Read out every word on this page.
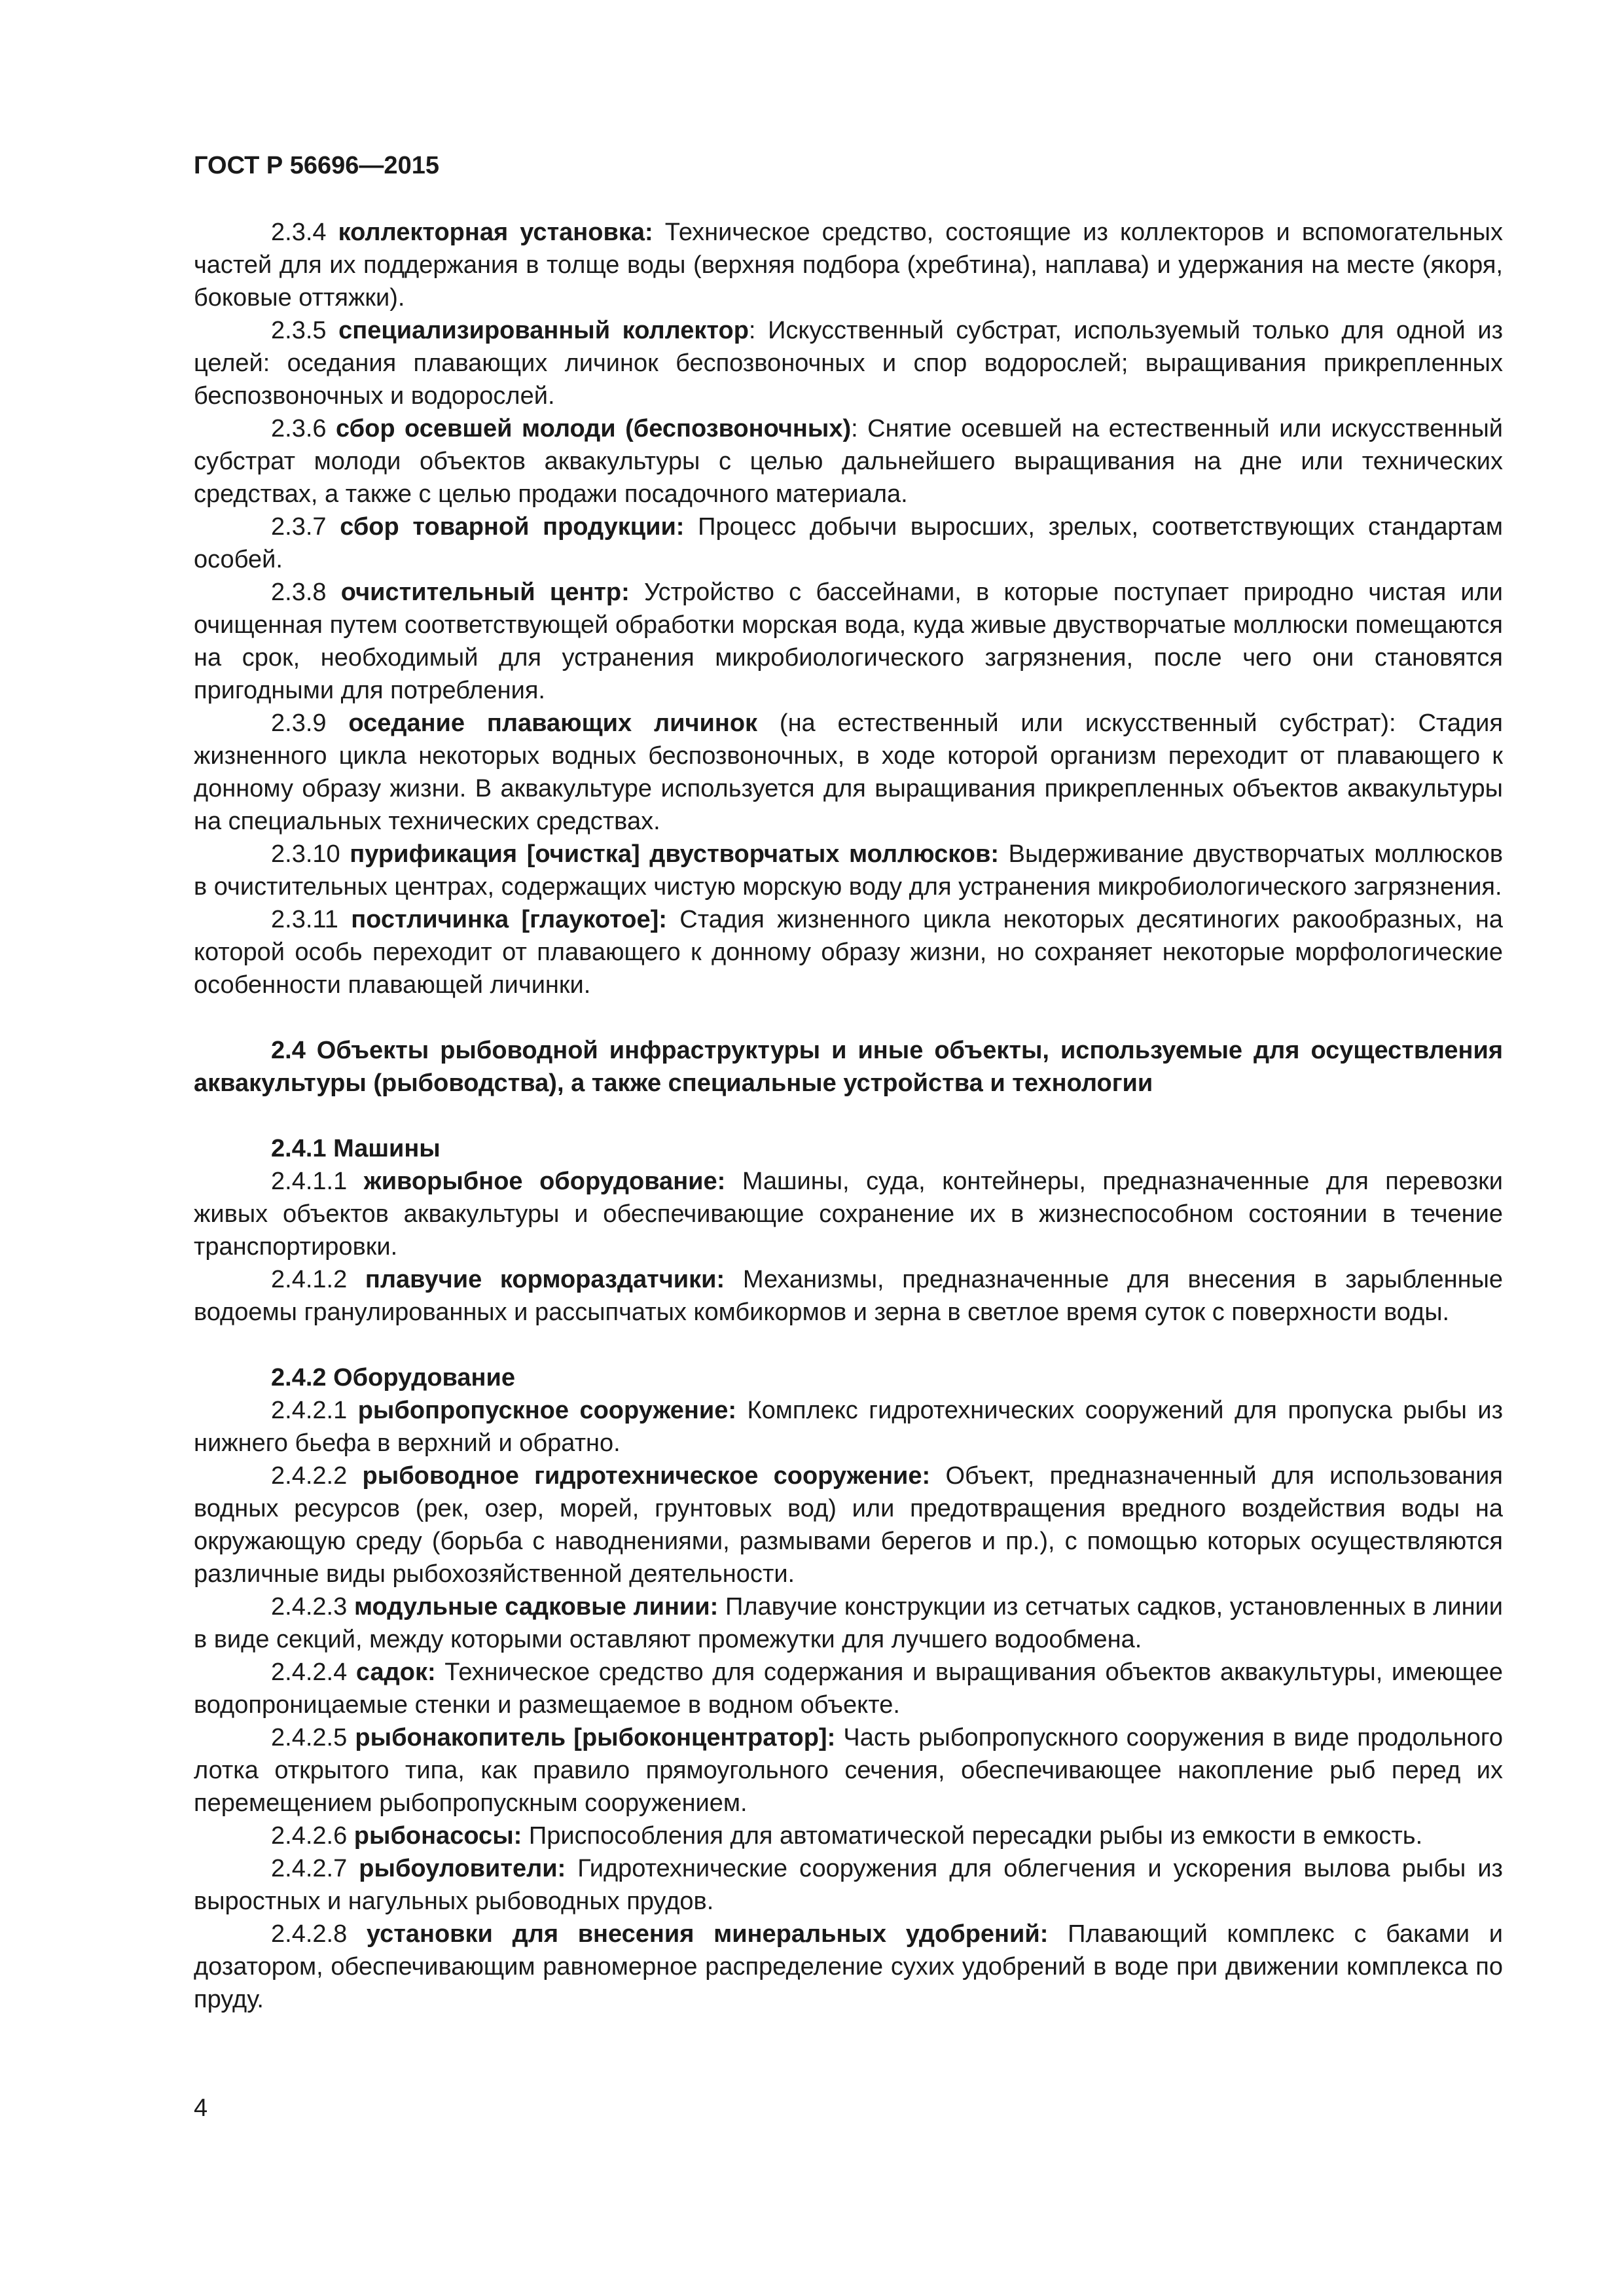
ГОСТ Р 56696—2015

2.3.4 коллекторная установка: Техническое средство, состоящие из коллекторов и вспомогательных частей для их поддержания в толще воды (верхняя подбора (хребтина), наплава) и удержания на месте (якоря, боковые оттяжки).

2.3.5 специализированный коллектор: Искусственный субстрат, используемый только для одной из целей: оседания плавающих личинок беспозвоночных и спор водорослей; выращивания прикрепленных беспозвоночных и водорослей.

2.3.6 сбор осевшей молоди (беспозвоночных): Снятие осевшей на естественный или искусственный субстрат молоди объектов аквакультуры с целью дальнейшего выращивания на дне или технических средствах, а также с целью продажи посадочного материала.

2.3.7 сбор товарной продукции: Процесс добычи выросших, зрелых, соответствующих стандартам особей.

2.3.8 очистительный центр: Устройство с бассейнами, в которые поступает природно чистая или очищенная путем соответствующей обработки морская вода, куда живые двустворчатые моллюски помещаются на срок, необходимый для устранения микробиологического загрязнения, после чего они становятся пригодными для потребления.

2.3.9 оседание плавающих личинок (на естественный или искусственный субстрат): Стадия жизненного цикла некоторых водных беспозвоночных, в ходе которой организм переходит от плавающего к донному образу жизни. В аквакультуре используется для выращивания прикрепленных объектов аквакультуры на специальных технических средствах.

2.3.10 пурификация [очистка] двустворчатых моллюсков: Выдерживание двустворчатых моллюсков в очистительных центрах, содержащих чистую морскую воду для устранения микробиологического загрязнения.

2.3.11 постличинка [глаукотое]: Стадия жизненного цикла некоторых десятиногих ракообразных, на которой особь переходит от плавающего к донному образу жизни, но сохраняет некоторые морфологические особенности плавающей личинки.

2.4 Объекты рыбоводной инфраструктуры и иные объекты, используемые для осуществления аквакультуры (рыбоводства), а также специальные устройства и технологии

2.4.1 Машины

2.4.1.1 живорыбное оборудование: Машины, суда, контейнеры, предназначенные для перевозки живых объектов аквакультуры и обеспечивающие сохранение их в жизнеспособном состоянии в течение транспортировки.

2.4.1.2 плавучие кормораздатчики: Механизмы, предназначенные для внесения в зарыбленные водоемы гранулированных и рассыпчатых комбикормов и зерна в светлое время суток с поверхности воды.

2.4.2 Оборудование

2.4.2.1 рыбопропускное сооружение: Комплекс гидротехнических сооружений для пропуска рыбы из нижнего бьефа в верхний и обратно.

2.4.2.2 рыбоводное гидротехническое сооружение: Объект, предназначенный для использования водных ресурсов (рек, озер, морей, грунтовых вод) или предотвращения вредного воздействия воды на окружающую среду (борьба с наводнениями, размывами берегов и пр.), с помощью которых осуществляются различные виды рыбохозяйственной деятельности.

2.4.2.3 модульные садковые линии: Плавучие конструкции из сетчатых садков, установленных в линии в виде секций, между которыми оставляют промежутки для лучшего водообмена.

2.4.2.4 садок: Техническое средство для содержания и выращивания объектов аквакультуры, имеющее водопроницаемые стенки и размещаемое в водном объекте.

2.4.2.5 рыбонакопитель [рыбоконцентратор]: Часть рыбопропускного сооружения в виде продольного лотка открытого типа, как правило прямоугольного сечения, обеспечивающее накопление рыб перед их перемещением рыбопропускным сооружением.

2.4.2.6 рыбонасосы: Приспособления для автоматической пересадки рыбы из емкости в емкость.

2.4.2.7 рыбоуловители: Гидротехнические сооружения для облегчения и ускорения вылова рыбы из выростных и нагульных рыбоводных прудов.

2.4.2.8 установки для внесения минеральных удобрений: Плавающий комплекс с баками и дозатором, обеспечивающим равномерное распределение сухих удобрений в воде при движении комплекса по пруду.

4
